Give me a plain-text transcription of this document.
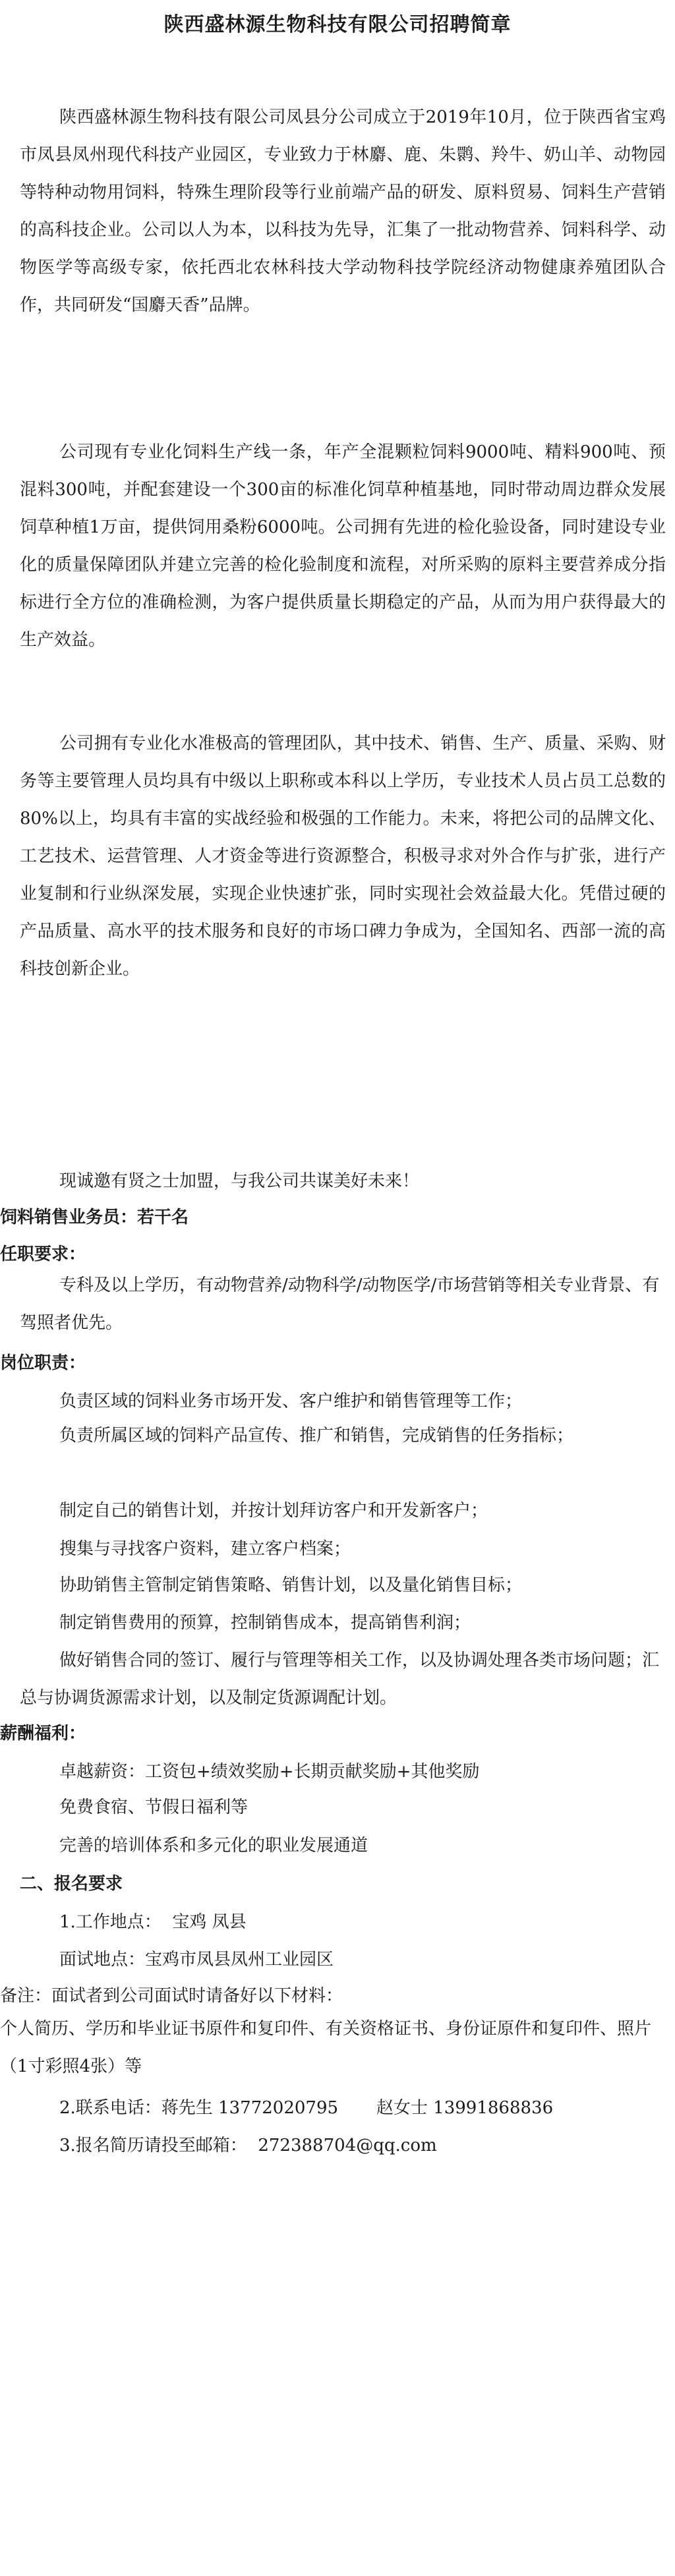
陕西盛林源生物科技有限公司招聘简章

陕西盛林源生物科技有限公司凤县分公司成立于2019年10月，位于陕西省宝鸡市凤县凤州现代科技产业园区，专业致力于林麝、鹿、朱鹮、羚牛、奶山羊、动物园等特种动物用饲料，特殊生理阶段等行业前端产品的研发、原料贸易、饲料生产营销的高科技企业。公司以人为本，以科技为先导，汇集了一批动物营养、饲料科学、动物医学等高级专家，依托西北农林科技大学动物科技学院经济动物健康养殖团队合作，共同研发“国麝天香”品牌。

公司现有专业化饲料生产线一条，年产全混颗粒饲料9000吨、精料900吨、预混料300吨，并配套建设一个300亩的标准化饲草种植基地，同时带动周边群众发展饲草种植1万亩，提供饲用桑粉6000吨。公司拥有先进的检化验设备，同时建设专业化的质量保障团队并建立完善的检化验制度和流程，对所采购的原料主要营养成分指标进行全方位的准确检测，为客户提供质量长期稳定的产品，从而为用户获得最大的生产效益。

公司拥有专业化水准极高的管理团队，其中技术、销售、生产、质量、采购、财务等主要管理人员均具有中级以上职称或本科以上学历，专业技术人员占员工总数的80%以上，均具有丰富的实战经验和极强的工作能力。未来，将把公司的品牌文化、工艺技术、运营管理、人才资金等进行资源整合，积极寻求对外合作与扩张，进行产业复制和行业纵深发展，实现企业快速扩张，同时实现社会效益最大化。凭借过硬的产品质量、高水平的技术服务和良好的市场口碑力争成为，全国知名、西部一流的高科技创新企业。

现诚邀有贤之士加盟，与我公司共谋美好未来！

饲料销售业务员：若干名

任职要求：

专科及以上学历，有动物营养/动物科学/动物医学/市场营销等相关专业背景、有驾照者优先。

岗位职责：

负责区域的饲料业务市场开发、客户维护和销售管理等工作；

负责所属区域的饲料产品宣传、推广和销售，完成销售的任务指标；

制定自己的销售计划，并按计划拜访客户和开发新客户；

搜集与寻找客户资料，建立客户档案；

协助销售主管制定销售策略、销售计划，以及量化销售目标；

制定销售费用的预算，控制销售成本，提高销售利润；

做好销售合同的签订、履行与管理等相关工作，以及协调处理各类市场问题；汇总与协调货源需求计划，以及制定货源调配计划。

薪酬福利：

卓越薪资：工资包+绩效奖励+长期贡献奖励+其他奖励

免费食宿、节假日福利等

完善的培训体系和多元化的职业发展通道

二、报名要求

1.工作地点：  宝鸡 凤县

面试地点：宝鸡市凤县凤州工业园区

备注：面试者到公司面试时请备好以下材料：

个人简历、学历和毕业证书原件和复印件、有关资格证书、身份证原件和复印件、照片（1寸彩照4张）等

2.联系电话：蒋先生 13772020795       赵女士 13991868836

3.报名简历请投至邮箱：  272388704@qq.com
